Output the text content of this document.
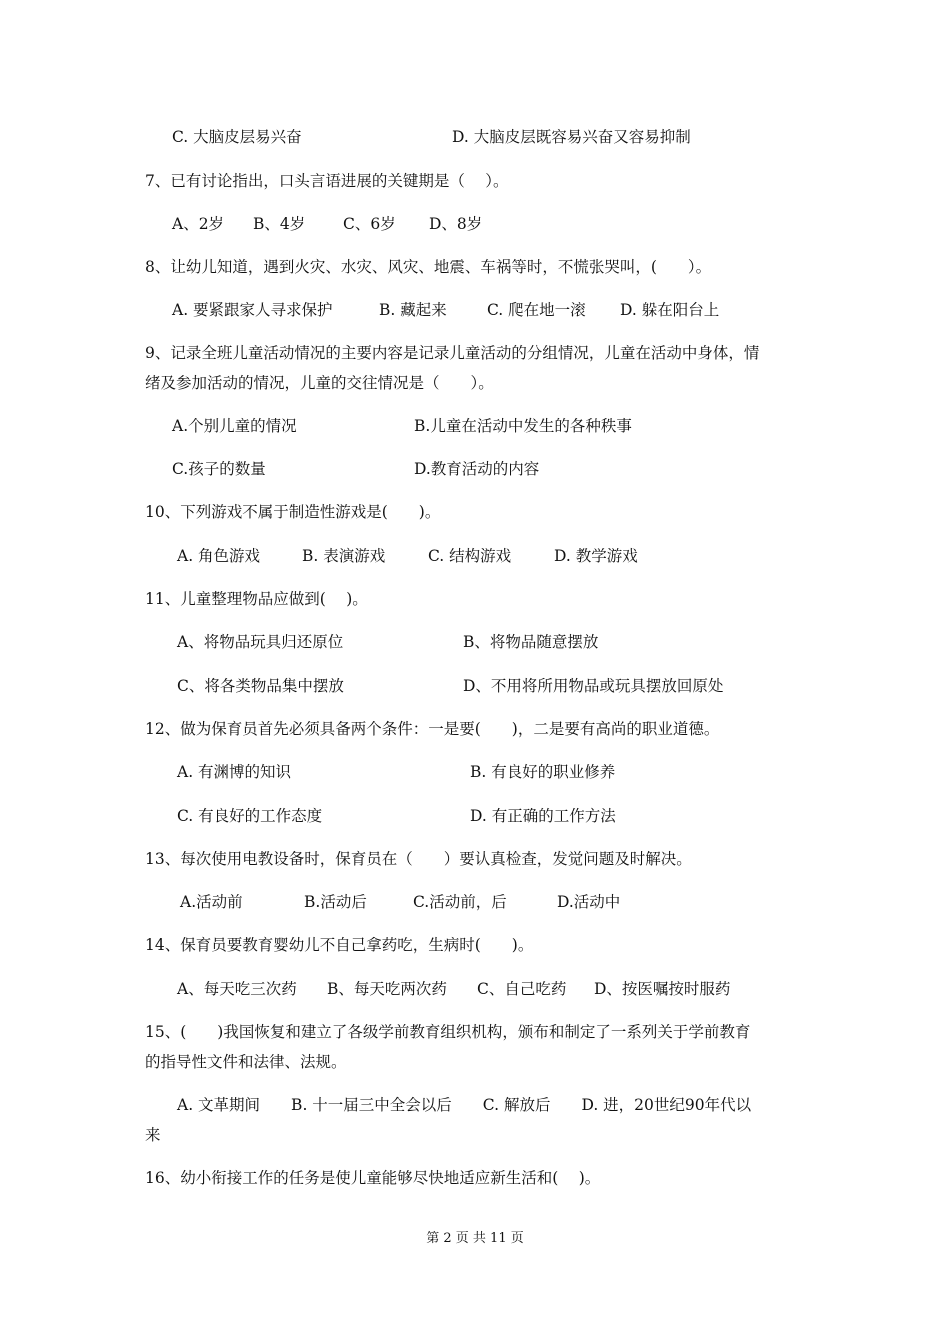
C. 大脑皮层易兴奋	D. 大脑皮层既容易兴奋又容易抑制
7、已有讨论指出，口头言语进展的关键期是（　 ）。
A、2岁 B、4岁 C、6岁 D、8岁
8、让幼儿知道，遇到火灾、水灾、风灾、地震、车祸等时，不慌张哭叫，(　　）。
A. 要紧跟家人寻求保护	B. 藏起来	C. 爬在地一滚 D. 躲在阳台上
9、记录全班儿童活动情况的主要内容是记录儿童活动的分组情况，儿童在活动中身体，情
绪及参加活动的情况，儿童的交往情况是（　　）。
A.个别儿童的情况	B.儿童在活动中发生的各种秩事
C.孩子的数量	D.教育活动的内容
10、下列游戏不属于制造性游戏是(　　)。
A. 角色游戏	B. 表演游戏	C. 结构游戏	D. 教学游戏
11、儿童整理物品应做到(　 )。
A、将物品玩具归还原位	B、将物品随意摆放
C、将各类物品集中摆放	D、不用将所用物品或玩具摆放回原处
12、做为保育员首先必须具备两个条件：一是要(　　)，二是要有高尚的职业道德。
A. 有渊博的知识	B. 有良好的职业修养
C. 有良好的工作态度	D. 有正确的工作方法
13、每次使用电教设备时，保育员在（　　）要认真检查，发觉问题及时解决。
A.活动前	B.活动后	C.活动前，后	D.活动中
14、保育员要教育婴幼儿不自己拿药吃，生病时(　　)。
A、每天吃三次药 B、每天吃两次药 C、自己吃药 D、按医嘱按时服药
15、(　　)我国恢复和建立了各级学前教育组织机构，颁布和制定了一系列关于学前教育
的指导性文件和法律、法规。
A. 文革期间　　B. 十一届三中全会以后　　C. 解放后　　D. 进，20世纪90年代以
来
16、幼小衔接工作的任务是使儿童能够尽快地适应新生活和(　 )。
第 2 页 共 11 页
